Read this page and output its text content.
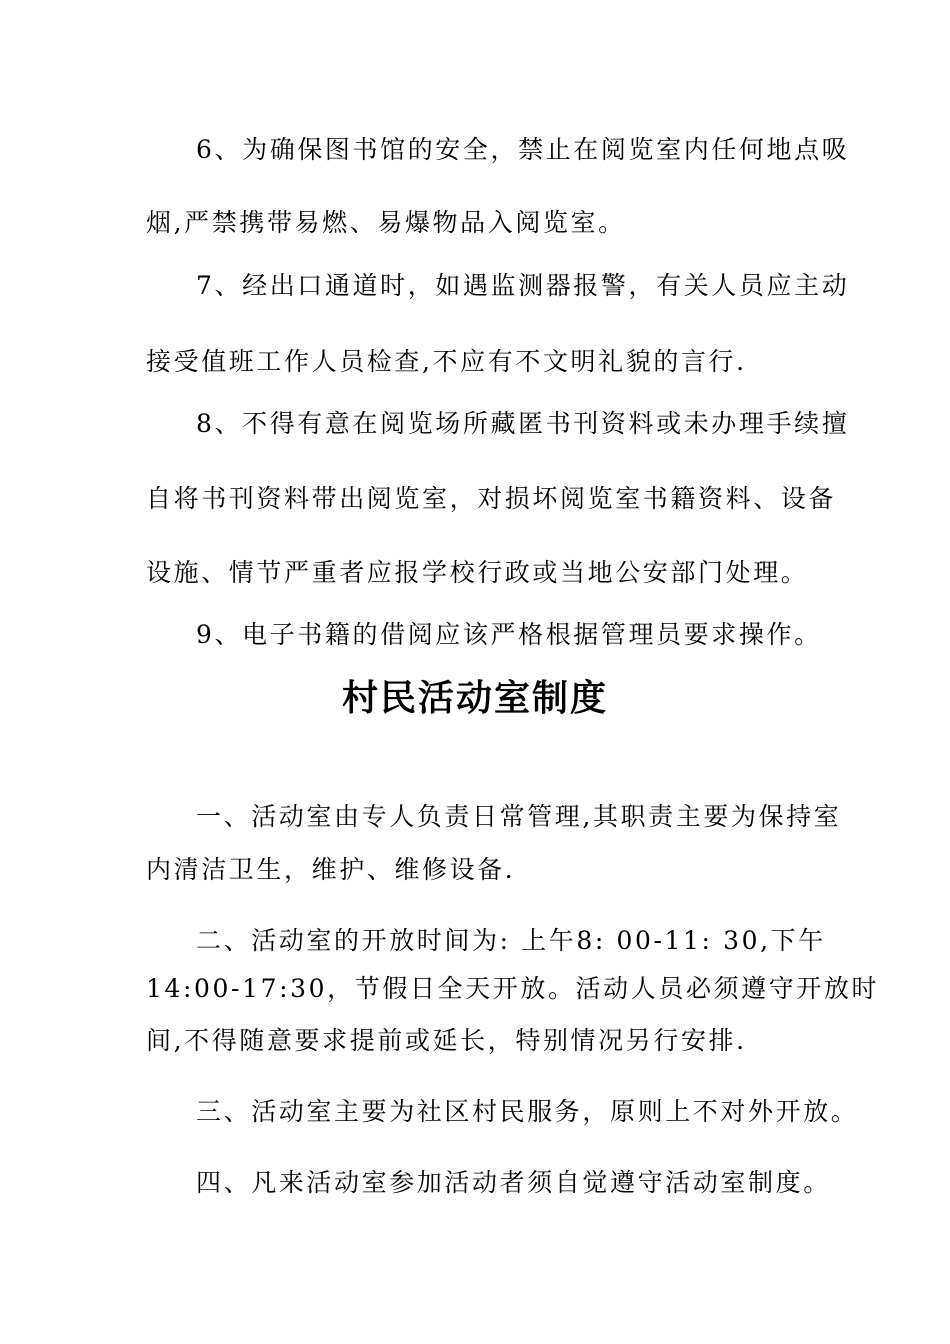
6、为确保图书馆的安全，禁止在阅览室内任何地点吸
烟,严禁携带易燃、易爆物品入阅览室。
7、经出口通道时，如遇监测器报警，有关人员应主动
接受值班工作人员检查,不应有不文明礼貌的言行.
8、不得有意在阅览场所藏匿书刊资料或未办理手续擅
自将书刊资料带出阅览室，对损坏阅览室书籍资料、设备
设施、情节严重者应报学校行政或当地公安部门处理。
9、电子书籍的借阅应该严格根据管理员要求操作。
村民活动室制度
一、活动室由专人负责日常管理,其职责主要为保持室
内清洁卫生，维护、维修设备.
二、活动室的开放时间为: 上午8: 00-11: 30,下午
14:00-17:30，节假日全天开放。活动人员必须遵守开放时
间,不得随意要求提前或延长，特别情况另行安排.
三、活动室主要为社区村民服务，原则上不对外开放。
四、凡来活动室参加活动者须自觉遵守活动室制度。
